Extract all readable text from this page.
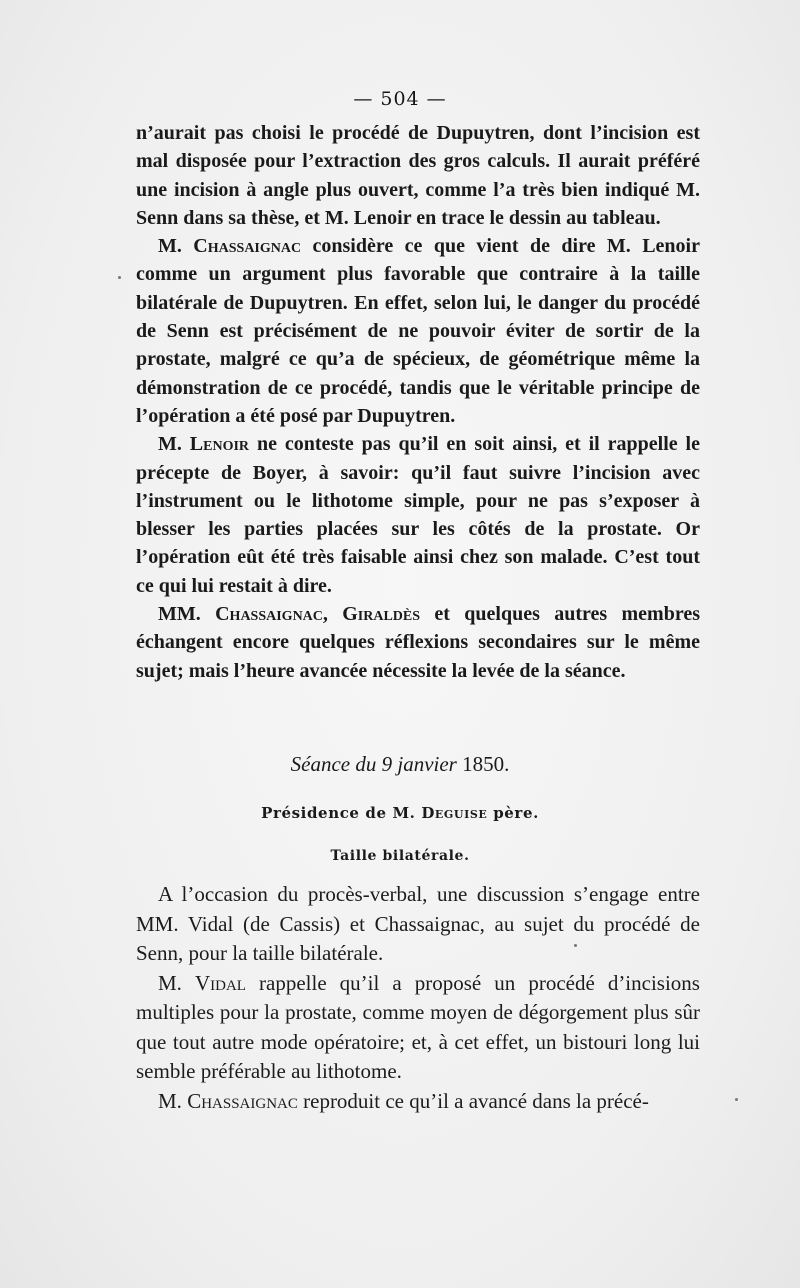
— 504 —

n’aurait pas choisi le procédé de Dupuytren, dont l’incision est mal disposée pour l’extraction des gros calculs. Il aurait préféré une incision à angle plus ouvert, comme l’a très bien indiqué M. Senn dans sa thèse, et M. Lenoir en trace le dessin au tableau.

M. Chassaignac considère ce que vient de dire M. Lenoir comme un argument plus favorable que contraire à la taille bilatérale de Dupuytren. En effet, selon lui, le danger du procédé de Senn est précisément de ne pouvoir éviter de sortir de la prostate, malgré ce qu’a de spécieux, de géométrique même la démonstration de ce procédé, tandis que le véritable principe de l’opération a été posé par Dupuytren.

M. Lenoir ne conteste pas qu’il en soit ainsi, et il rappelle le précepte de Boyer, à savoir: qu’il faut suivre l’incision avec l’instrument ou le lithotome simple, pour ne pas s’exposer à blesser les parties placées sur les côtés de la prostate. Or l’opération eût été très faisable ainsi chez son malade. C’est tout ce qui lui restait à dire.

MM. Chassaignac, Giraldès et quelques autres membres échangent encore quelques réflexions secondaires sur le même sujet; mais l’heure avancée nécessite la levée de la séance.

Séance du 9 janvier 1850.
Présidence de M. Deguise père.
Taille bilatérale.

A l’occasion du procès-verbal, une discussion s’engage entre MM. Vidal (de Cassis) et Chassaignac, au sujet du procédé de Senn, pour la taille bilatérale.

M. Vidal rappelle qu’il a proposé un procédé d’incisions multiples pour la prostate, comme moyen de dégorgement plus sûr que tout autre mode opératoire; et, à cet effet, un bistouri long lui semble préférable au lithotome.

M. Chassaignac reproduit ce qu’il a avancé dans la précé-
